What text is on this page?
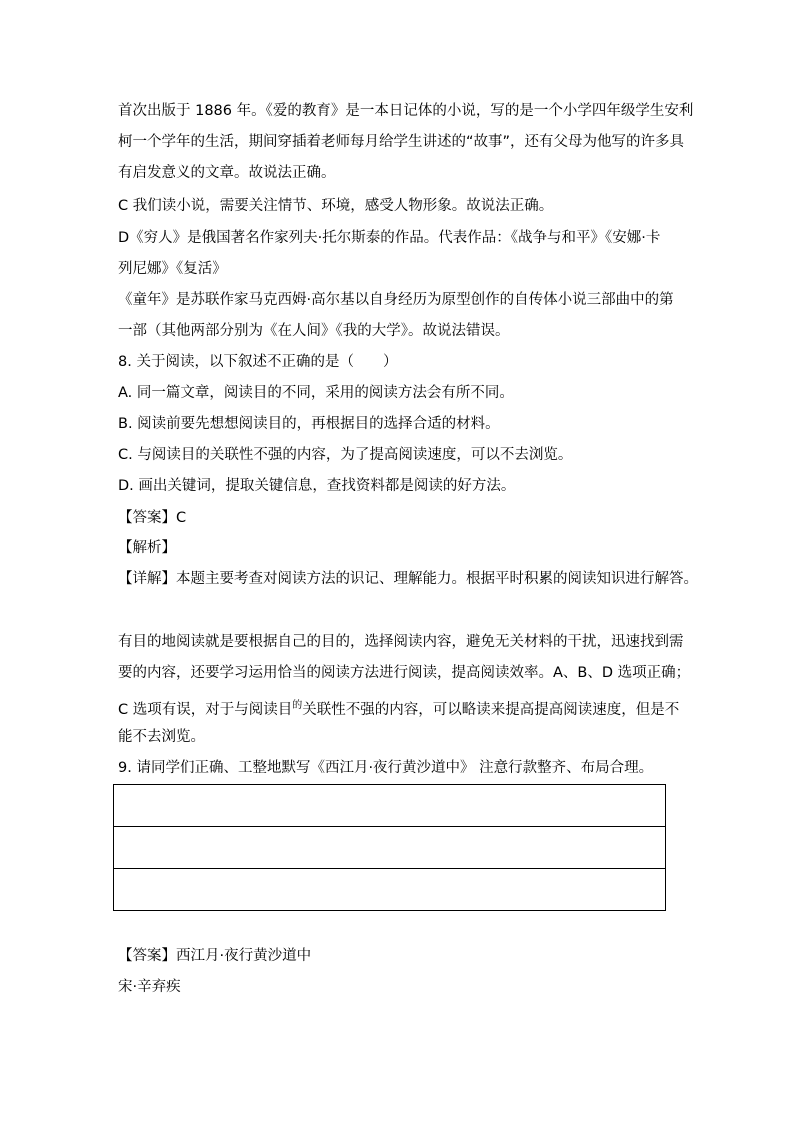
首次出版于 1886 年。《爱的教育》是一本日记体的小说，写的是一个小学四年级学生安利
柯一个学年的生活，期间穿插着老师每月给学生讲述的“故事”，还有父母为他写的许多具
有启发意义的文章。故说法正确。
C 我们读小说，需要关注情节、环境，感受人物形象。故说法正确。
D《穷人》是俄国著名作家列夫·托尔斯泰的作品。代表作品：《战争与和平》《安娜·卡
列尼娜》《复活》
《童年》是苏联作家马克西姆·高尔基以自身经历为原型创作的自传体小说三部曲中的第
一部（其他两部分别为《在人间》《我的大学》。故说法错误。
8. 关于阅读，以下叙述不正确的是（　　）
A. 同一篇文章，阅读目的不同，采用的阅读方法会有所不同。
B. 阅读前要先想想阅读目的，再根据目的选择合适的材料。
C. 与阅读目的关联性不强的内容，为了提高阅读速度，可以不去浏览。
D. 画出关键词，提取关键信息，查找资料都是阅读的好方法。
【答案】C
【解析】
【详解】本题主要考查对阅读方法的识记、理解能力。根据平时积累的阅读知识进行解答。
有目的地阅读就是要根据自己的目的，选择阅读内容，避免无关材料的干扰，迅速找到需
要的内容，还要学习运用恰当的阅读方法进行阅读，提高阅读效率。A、B、D 选项正确；
C 选项有误，对于与阅读目$^的$关联性不强的内容，可以略读来提高提高阅读速度，但是不
能不去浏览。
9. 请同学们正确、工整地默写《西江月·夜行黄沙道中》 注意行款整齐、布局合理。

【答案】西江月·夜行黄沙道中
宋·辛弃疾
